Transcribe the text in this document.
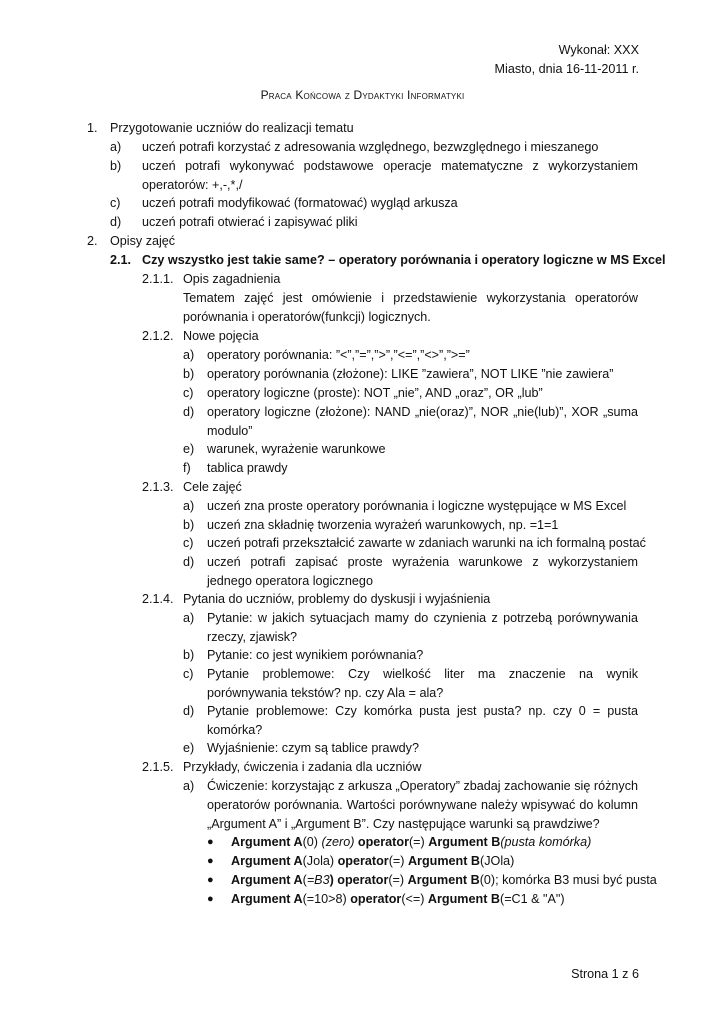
Wykonał: XXX
Miasto, dnia 16-11-2011 r.
Praca Końcowa z Dydaktyki Informatyki
1. Przygotowanie uczniów do realizacji tematu
a) uczeń potrafi korzystać z adresowania względnego, bezwzględnego i mieszanego
b) uczeń potrafi wykonywać podstawowe operacje matematyczne z wykorzystaniem operatorów: +,-,*,/
c) uczeń potrafi modyfikować (formatować) wygląd arkusza
d) uczeń potrafi otwierać i zapisywać pliki
2. Opisy zajęć
2.1. Czy wszystko jest takie same? – operatory porównania i operatory logiczne w MS Excel
2.1.1. Opis zagadnienia
Tematem zajęć jest omówienie i przedstawienie wykorzystania operatorów porównania i operatorów(funkcji) logicznych.
2.1.2. Nowe pojęcia
a) operatory porównania: ”<”,”=”,”>”,”<=”,”<>”,”>=”
b) operatory porównania (złożone): LIKE ”zawiera”, NOT LIKE ”nie zawiera”
c) operatory logiczne (proste): NOT „nie”, AND „oraz”, OR „lub”
d) operatory logiczne (złożone): NAND „nie(oraz)”, NOR „nie(lub)”, XOR „suma modulo”
e) warunek, wyrażenie warunkowe
f) tablica prawdy
2.1.3. Cele zajęć
a) uczeń zna proste operatory porównania i logiczne występujące w MS Excel
b) uczeń zna składnię tworzenia wyrażeń warunkowych, np. =1=1
c) uczeń potrafi przekształcić zawarte w zdaniach warunki na ich formalną postać
d) uczeń potrafi zapisać proste wyrażenia warunkowe z wykorzystaniem jednego operatora logicznego
2.1.4. Pytania do uczniów, problemy do dyskusji i wyjaśnienia
a) Pytanie: w jakich sytuacjach mamy do czynienia z potrzebą porównywania rzeczy, zjawisk?
b) Pytanie: co jest wynikiem porównania?
c) Pytanie problemowe: Czy wielkość liter ma znaczenie na wynik porównywania tekstów? np. czy Ala = ala?
d) Pytanie problemowe: Czy komórka pusta jest pusta? np. czy 0 = pusta komórka?
e) Wyjaśnienie: czym są tablice prawdy?
2.1.5. Przykłady, ćwiczenia i zadania dla uczniów
a) Ćwiczenie: korzystając z arkusza „Operatory” zbadaj zachowanie się różnych operatorów porównania. Wartości porównywane należy wpisywać do kolumn „Argument A” i „Argument B”. Czy następujące warunki są prawdziwe?
● Argument A(0) (zero) operator(=) Argument B(pusta komórka)
● Argument A(Jola) operator(=) Argument B(JOla)
● Argument A(=B3) operator(=) Argument B(0); komórka B3 musi być pusta
● Argument A(=10>8) operator(<=) Argument B(=C1 & "A")
Strona 1 z 6
